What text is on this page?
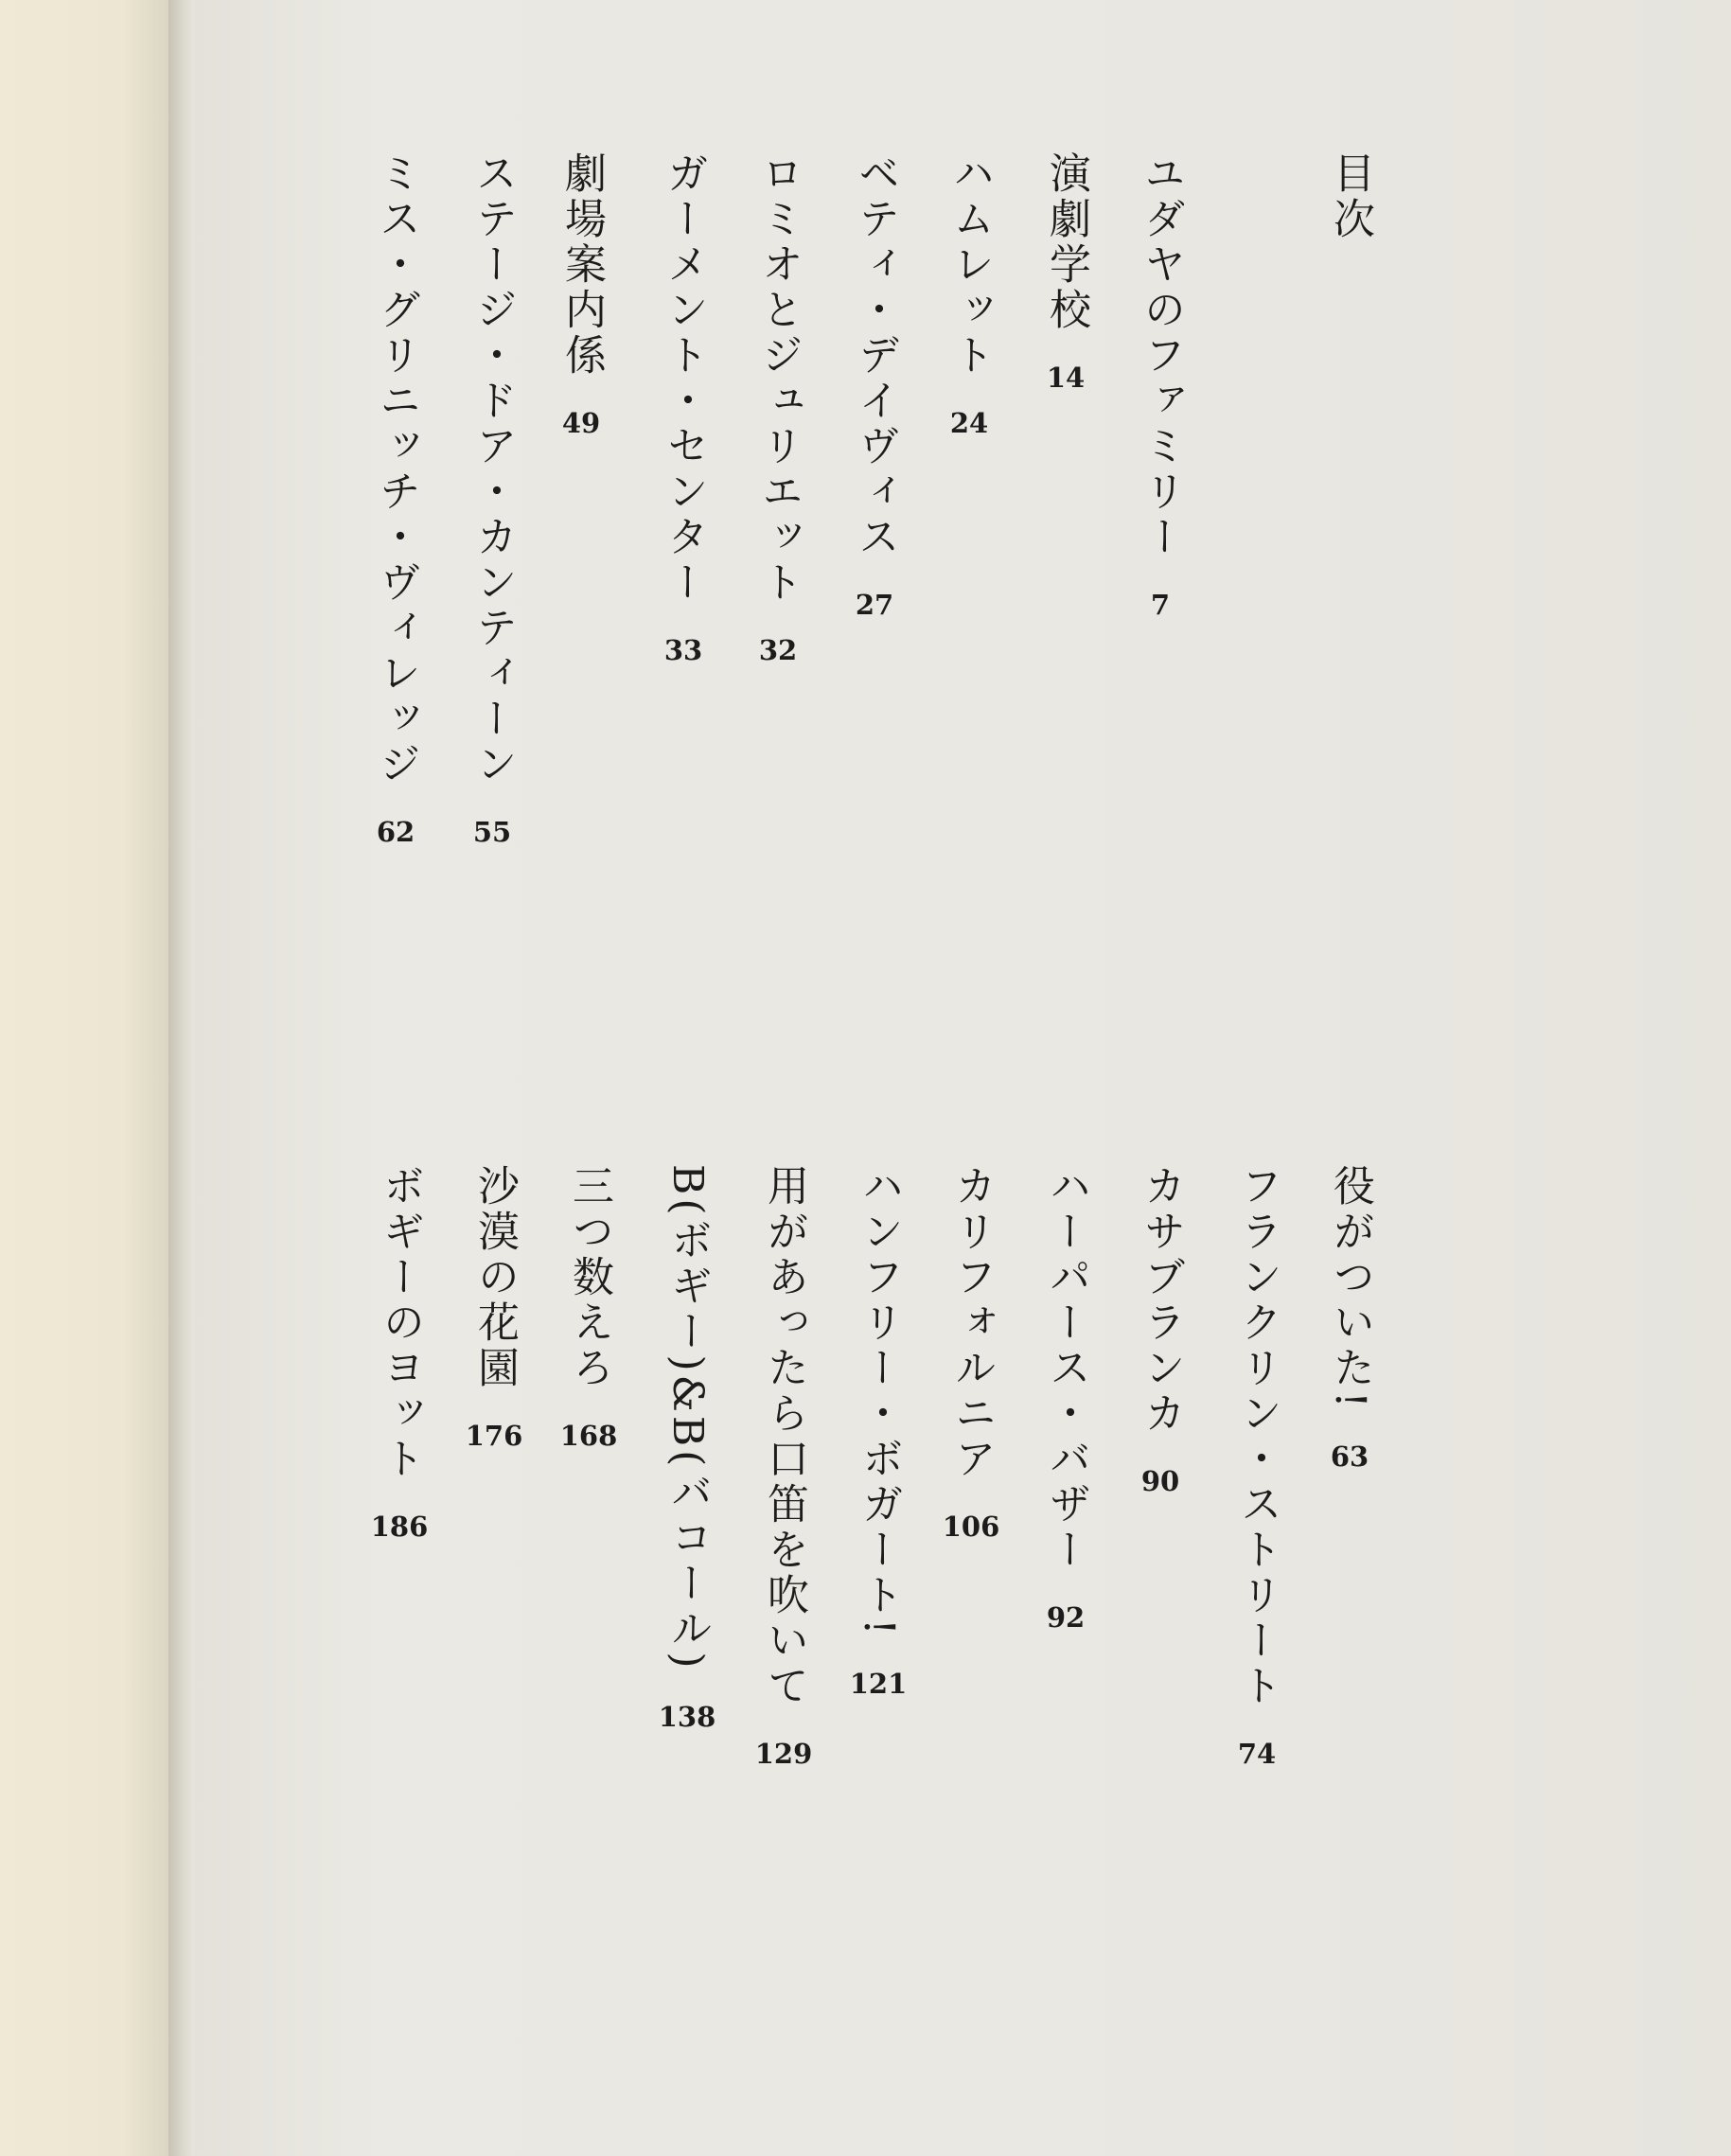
目次
ユダヤのファミリー
7
演劇学校
14
ハムレット
24
ベティ・デイヴィス
27
ロミオとジュリエット
32
ガーメント・センター
33
劇場案内係
49
ステージ・ドア・カンティーン
55
ミス・グリニッチ・ヴィレッジ
62
役がついた!
63
フランクリン・ストリート
74
カサブランカ
90
ハーパース・バザー
92
カリフォルニア
106
ハンフリー・ボガート!
121
用があったら口笛を吹いて
129
B(ボギー)&B(バコール)
138
三つ数えろ
168
沙漠の花園
176
ボギーのヨット
186
